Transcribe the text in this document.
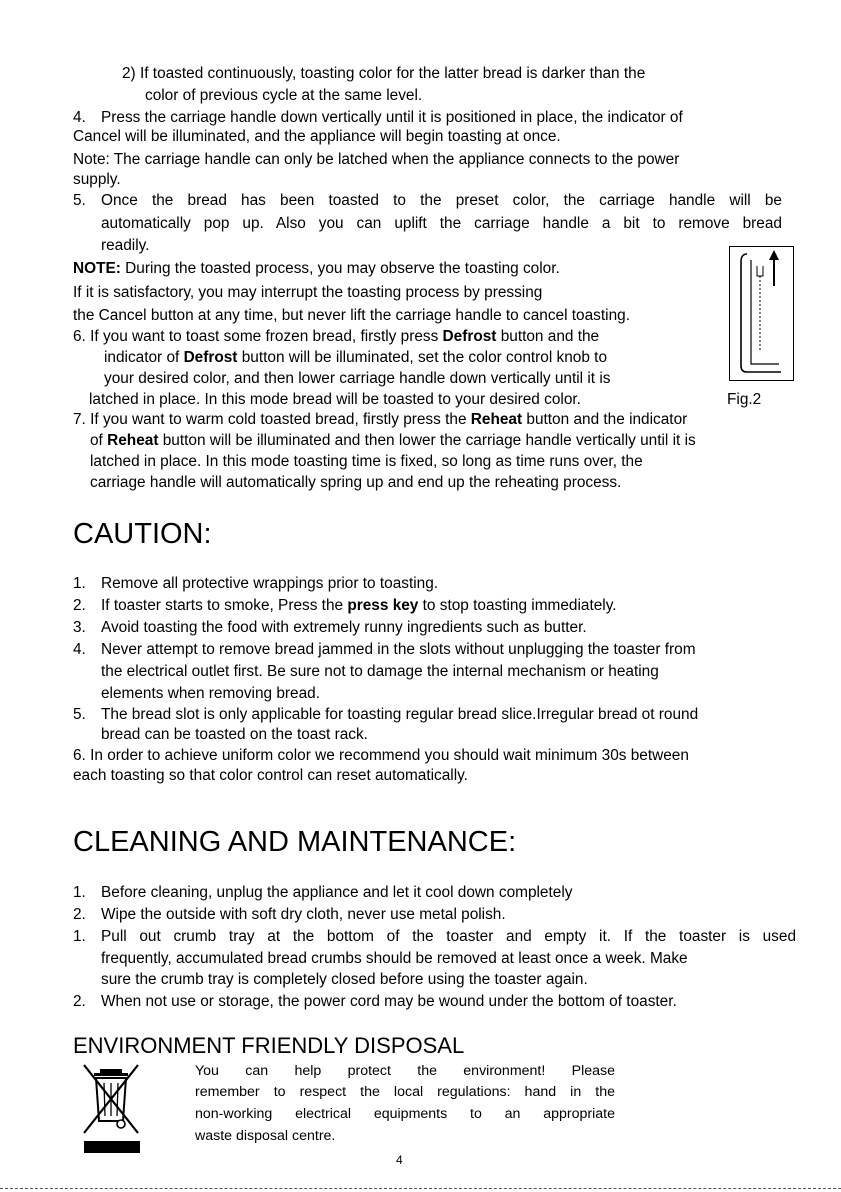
2) If toasted continuously, toasting color for the latter bread is darker than the
color of previous cycle at the same level.
4. Press the carriage handle down vertically until it is positioned in place, the indicator of
Cancel will be illuminated, and the appliance will begin toasting at once.
Note: The carriage handle can only be latched when the appliance connects to the power
supply.
5. Once the bread has been toasted to the preset color, the carriage handle will be
automatically pop up. Also you can uplift the carriage handle a bit to remove bread
readily.
NOTE: During the toasted process, you may observe the toasting color.
If it is satisfactory, you may interrupt the toasting process by pressing
the Cancel button at any time, but never lift the carriage handle to cancel toasting.
6. If you want to toast some frozen bread, firstly press Defrost button and the
indicator of Defrost button will be illuminated, set the color control knob to
your desired color, and then lower carriage handle down vertically until it is
latched in place. In this mode bread will be toasted to your desired color.	Fig.2
7. If you want to warm cold toasted bread, firstly press the Reheat button and the indicator
of Reheat button will be illuminated and then lower the carriage handle vertically until it is
latched in place. In this mode toasting time is fixed, so long as time runs over, the
carriage handle will automatically spring up and end up the reheating process.
CAUTION:
1. Remove all protective wrappings prior to toasting.
2. If toaster starts to smoke, Press the press key to stop toasting immediately.
3. Avoid toasting the food with extremely runny ingredients such as butter.
4. Never attempt to remove bread jammed in the slots without unplugging the toaster from
the electrical outlet first. Be sure not to damage the internal mechanism or heating
elements when removing bread.
5. The bread slot is only applicable for toasting regular bread slice.Irregular bread ot round
bread can be toasted on the toast rack.
6. In order to achieve uniform color we recommend you should wait minimum 30s between
each toasting so that color control can reset automatically.
CLEANING AND MAINTENANCE:
1. Before cleaning, unplug the appliance and let it cool down completely
2. Wipe the outside with soft dry cloth, never use metal polish.
1. Pull out crumb tray at the bottom of the toaster and empty it. If the toaster is used
frequently, accumulated bread crumbs should be removed at least once a week. Make
sure the crumb tray is completely closed before using the toaster again.
2. When not use or storage, the power cord may be wound under the bottom of toaster.
ENVIRONMENT FRIENDLY DISPOSAL
You can help protect the environment! Please
remember to respect the local regulations: hand in the
non-working electrical equipments to an appropriate
waste disposal centre.
4
